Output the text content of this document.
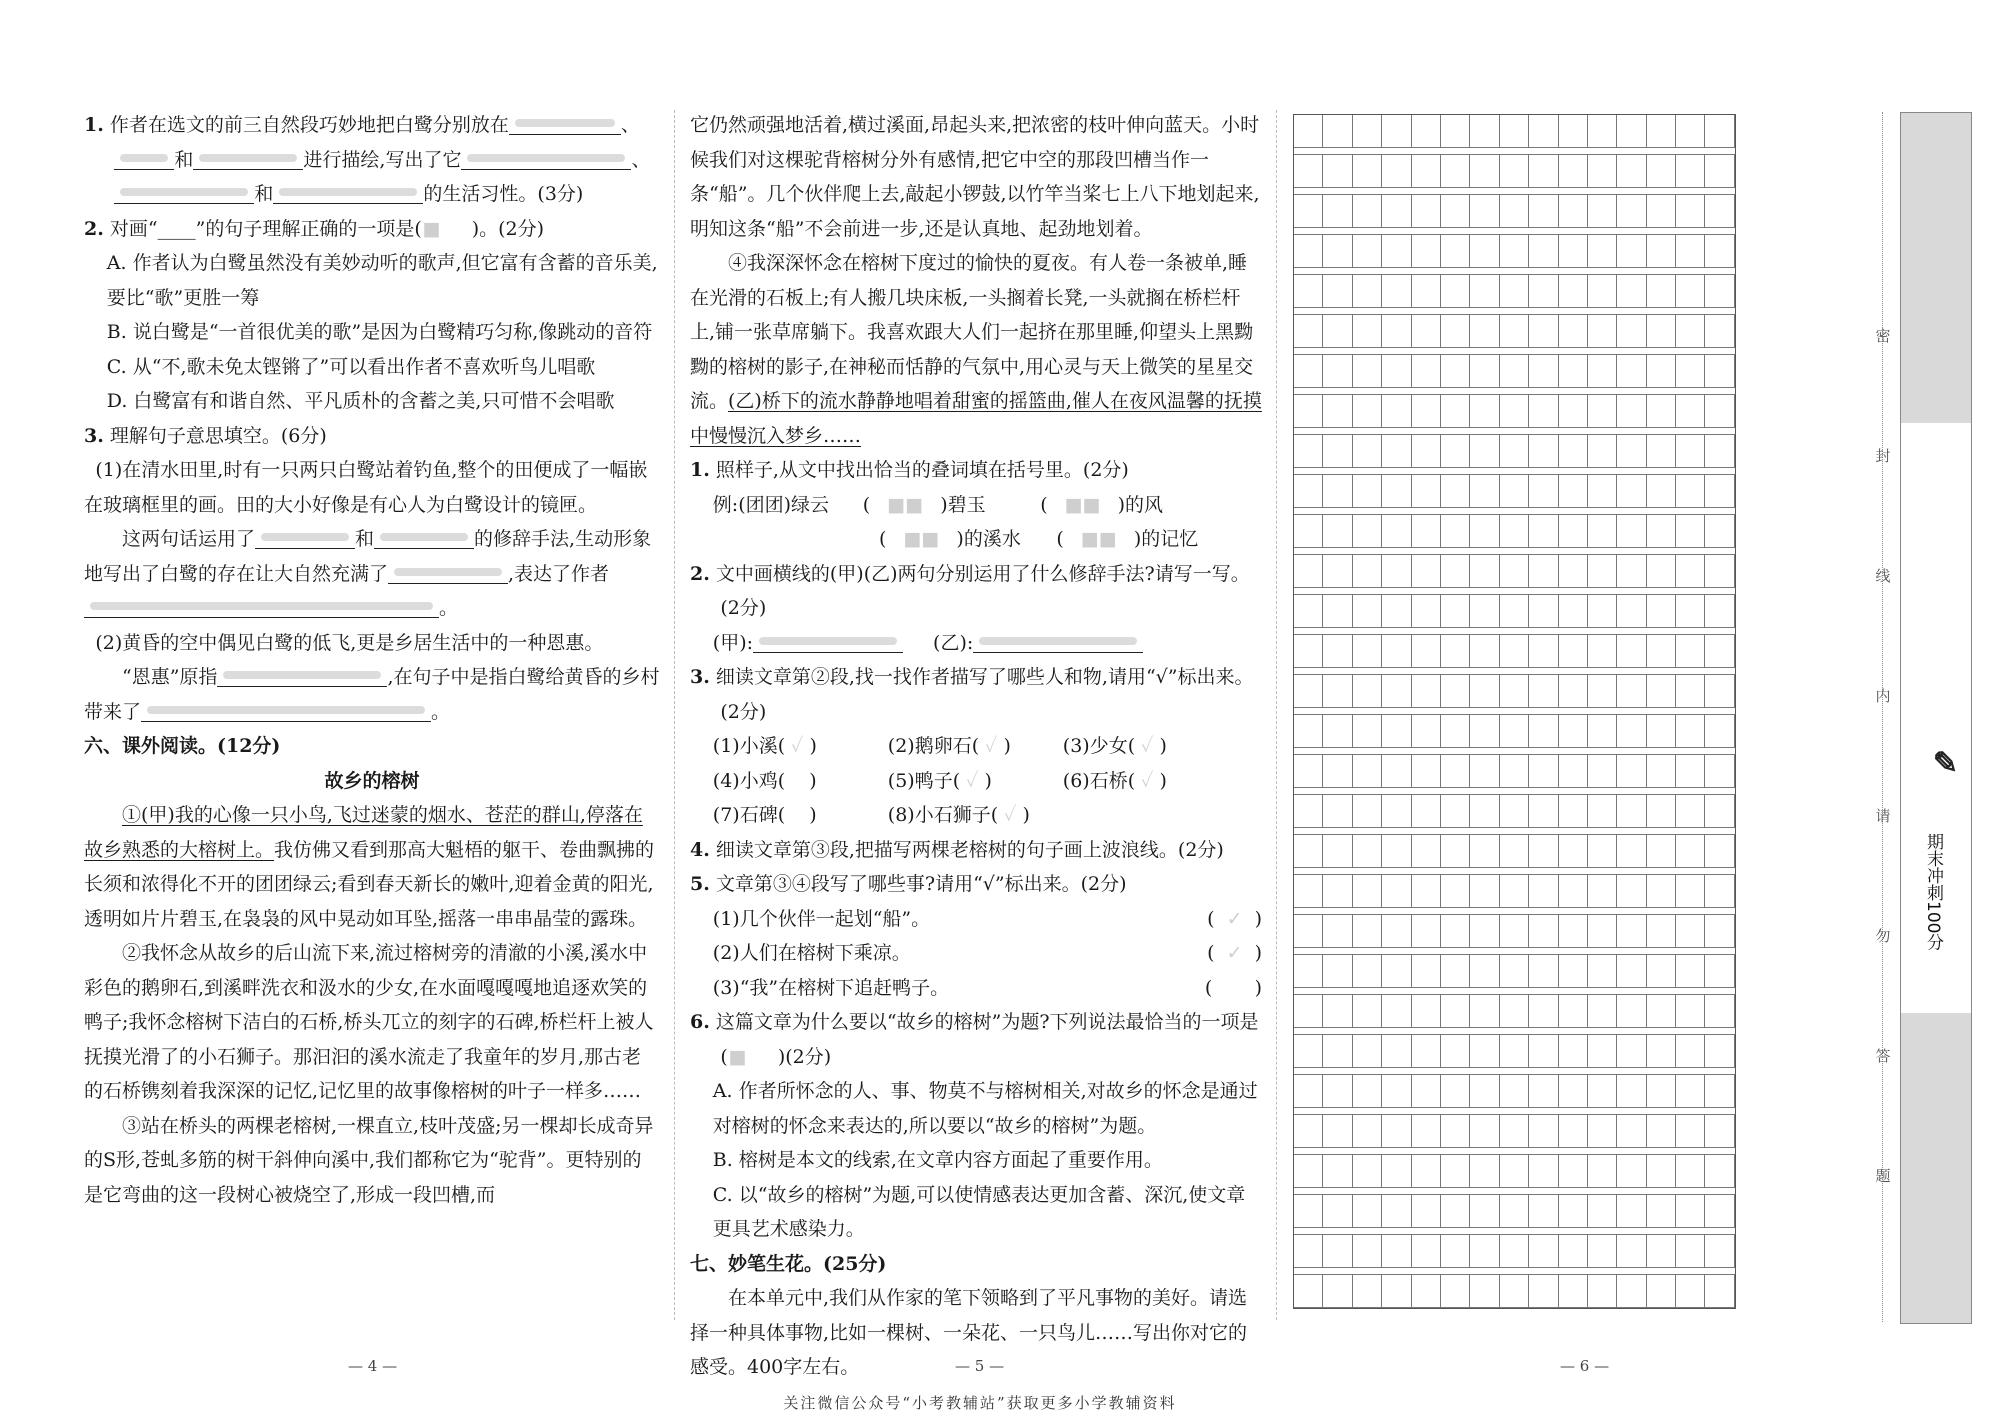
1. 作者在选文的前三自然段巧妙地把白鹭分别放在	、
和	进行描绘,写出了它	、
和	的生活习性。(3分)

2. 对画“____”的句子理解正确的一项是(■ )。(2分)

A. 作者认为白鹭虽然没有美妙动听的歌声,但它富有含蓄的音乐美,要比“歌”更胜一筹

B. 说白鹭是“一首很优美的歌”是因为白鹭精巧匀称,像跳动的音符

C. 从“不,歌未免太铿锵了”可以看出作者不喜欢听鸟儿唱歌

D. 白鹭富有和谐自然、平凡质朴的含蓄之美,只可惜不会唱歌

3. 理解句子意思填空。(6分)

(1)在清水田里,时有一只两只白鹭站着钓鱼,整个的田便成了一幅嵌在玻璃框里的画。田的大小好像是有心人为白鹭设计的镜匣。

这两句话运用了	和	的修辞手法,生动形象地写出了白鹭的存在让大自然充满了	,表达了作者
。

(2)黄昏的空中偶见白鹭的低飞,更是乡居生活中的一种恩惠。

“恩惠”原指	,在句子中是指白鹭给黄昏的乡村带来了	。

六、课外阅读。(12分)

故乡的榕树

①(甲)我的心像一只小鸟,飞过迷蒙的烟水、苍茫的群山,停落在故乡熟悉的大榕树上。我仿佛又看到那高大魁梧的躯干、卷曲飘拂的长须和浓得化不开的团团绿云;看到春天新长的嫩叶,迎着金黄的阳光,透明如片片碧玉,在袅袅的风中晃动如耳坠,摇落一串串晶莹的露珠。

②我怀念从故乡的后山流下来,流过榕树旁的清澈的小溪,溪水中彩色的鹅卵石,到溪畔洗衣和汲水的少女,在水面嘎嘎嘎地追逐欢笑的鸭子;我怀念榕树下洁白的石桥,桥头兀立的刻字的石碑,桥栏杆上被人抚摸光滑了的小石狮子。那汩汩的溪水流走了我童年的岁月,那古老的石桥镌刻着我深深的记忆,记忆里的故事像榕树的叶子一样多……

③站在桥头的两棵老榕树,一棵直立,枝叶茂盛;另一棵却长成奇异的S形,苍虬多筋的树干斜伸向溪中,我们都称它为“驼背”。更特别的是它弯曲的这一段树心被烧空了,形成一段凹槽,而

它仍然顽强地活着,横过溪面,昂起头来,把浓密的枝叶伸向蓝天。小时候我们对这棵驼背榕树分外有感情,把它中空的那段凹槽当作一条“船”。几个伙伴爬上去,敲起小锣鼓,以竹竿当桨七上八下地划起来,明知这条“船”不会前进一步,还是认真地、起劲地划着。

④我深深怀念在榕树下度过的愉快的夏夜。有人卷一条被单,睡在光滑的石板上;有人搬几块床板,一头搁着长凳,一头就搁在桥栏杆上,铺一张草席躺下。我喜欢跟大人们一起挤在那里睡,仰望头上黑黝黝的榕树的影子,在神秘而恬静的气氛中,用心灵与天上微笑的星星交流。(乙)桥下的流水静静地唱着甜蜜的摇篮曲,催人在夜风温馨的抚摸中慢慢沉入梦乡……

1. 照样子,从文中找出恰当的叠词填在括号里。(2分)

例:(团团)绿云 ( ■■ )碧玉	( ■■ )的风

( ■■ )的溪水 ( ■■ )的记忆

2. 文中画横线的(甲)(乙)两句分别运用了什么修辞手法?请写一写。(2分)

(甲):	(乙):

3. 细读文章第②段,找一找作者描写了哪些人和物,请用“√”标出来。(2分)

(1)小溪( ✓ )	(2)鹅卵石( ✓ )	(3)少女( ✓ )

(4)小鸡( )	(5)鸭子( ✓ )	(6)石桥( ✓ )

(7)石碑( )	(8)小石狮子( ✓ )

4. 细读文章第③段,把描写两棵老榕树的句子画上波浪线。(2分)

5. 文章第③④段写了哪些事?请用“√”标出来。(2分)

(1)几个伙伴一起划“船”。	(  ✓  )

(2)人们在榕树下乘凉。	(  ✓  )

(3)“我”在榕树下追赶鸭子。	( )

6. 这篇文章为什么要以“故乡的榕树”为题?下列说法最恰当的一项是(■ )(2分)

A. 作者所怀念的人、事、物莫不与榕树相关,对故乡的怀念是通过对榕树的怀念来表达的,所以要以“故乡的榕树”为题。

B. 榕树是本文的线索,在文章内容方面起了重要作用。

C. 以“故乡的榕树”为题,可以使情感表达更加含蓄、深沉,使文章更具艺术感染力。

七、妙笔生花。(25分)

在本单元中,我们从作家的笔下领略到了平凡事物的美好。请选择一种具体事物,比如一棵树、一朵花、一只鸟儿……写出你对它的感受。400字左右。

密
封
线
内
请
勿
答
题
✎
期末冲刺100分
— 4 —	— 5 —	— 6 —
关注微信公众号“小考教辅站”获取更多小学教辅资料
